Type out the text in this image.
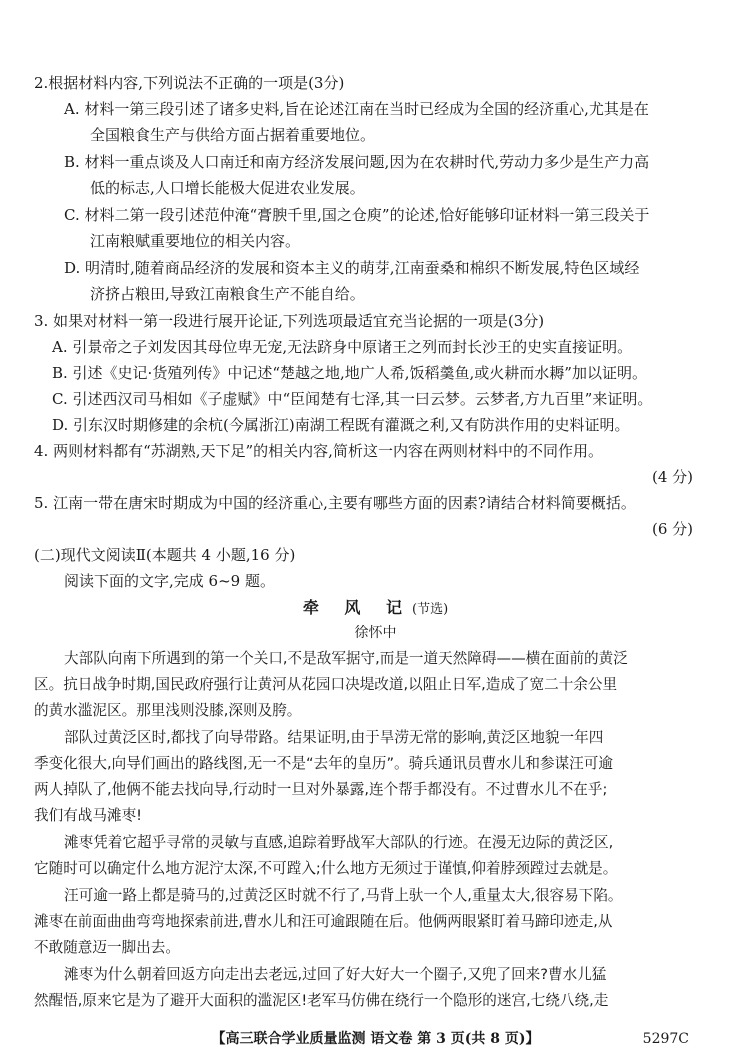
2.根据材料内容,下列说法不正确的一项是(3分)
A. 材料一第三段引述了诸多史料,旨在论述江南在当时已经成为全国的经济重心,尤其是在
全国粮食生产与供给方面占据着重要地位。
B. 材料一重点谈及人口南迁和南方经济发展问题,因为在农耕时代,劳动力多少是生产力高
低的标志,人口增长能极大促进农业发展。
C. 材料二第一段引述范仲淹“膏腴千里,国之仓庾”的论述,恰好能够印证材料一第三段关于
江南粮赋重要地位的相关内容。
D. 明清时,随着商品经济的发展和资本主义的萌芽,江南蚕桑和棉织不断发展,特色区域经
济挤占粮田,导致江南粮食生产不能自给。
3. 如果对材料一第一段进行展开论证,下列选项最适宜充当论据的一项是(3分)
A. 引景帝之子刘发因其母位卑无宠,无法跻身中原诸王之列而封长沙王的史实直接证明。
B. 引述《史记·货殖列传》中记述“楚越之地,地广人希,饭稻羹鱼,或火耕而水耨”加以证明。
C. 引述西汉司马相如《子虚赋》中“臣闻楚有七泽,其一曰云梦。云梦者,方九百里”来证明。
D. 引东汉时期修建的余杭(今属浙江)南湖工程既有灌溉之利,又有防洪作用的史料证明。
4. 两则材料都有“苏湖熟,天下足”的相关内容,简析这一内容在两则材料中的不同作用。
(4 分)
5. 江南一带在唐宋时期成为中国的经济重心,主要有哪些方面的因素?请结合材料简要概括。
(6 分)
(二)现代文阅读Ⅱ(本题共 4 小题,16 分)
阅读下面的文字,完成 6~9 题。
牵 风 记(节选)
徐怀中
大部队向南下所遇到的第一个关口,不是敌军据守,而是一道天然障碍——横在面前的黄泛
区。抗日战争时期,国民政府强行让黄河从花园口决堤改道,以阻止日军,造成了宽二十余公里
的黄水滥泥区。那里浅则没膝,深则及胯。
部队过黄泛区时,都找了向导带路。结果证明,由于旱涝无常的影响,黄泛区地貌一年四
季变化很大,向导们画出的路线图,无一不是“去年的皇历”。骑兵通讯员曹水儿和参谋汪可逾
两人掉队了,他俩不能去找向导,行动时一旦对外暴露,连个帮手都没有。不过曹水儿不在乎;
我们有战马滩枣!
滩枣凭着它超乎寻常的灵敏与直感,追踪着野战军大部队的行迹。在漫无边际的黄泛区,
它随时可以确定什么地方泥泞太深,不可蹚入;什么地方无须过于谨慎,仰着脖颈蹚过去就是。
汪可逾一路上都是骑马的,过黄泛区时就不行了,马背上驮一个人,重量太大,很容易下陷。
滩枣在前面曲曲弯弯地探索前进,曹水儿和汪可逾跟随在后。他俩两眼紧盯着马蹄印迹走,从
不敢随意迈一脚出去。
滩枣为什么朝着回返方向走出去老远,过回了好大好大一个圈子,又兜了回来?曹水儿猛
然醒悟,原来它是为了避开大面积的滥泥区!老军马仿佛在绕行一个隐形的迷宫,七绕八绕,走
【高三联合学业质量监测 语文卷 第 3 页(共 8 页)】	5297C
